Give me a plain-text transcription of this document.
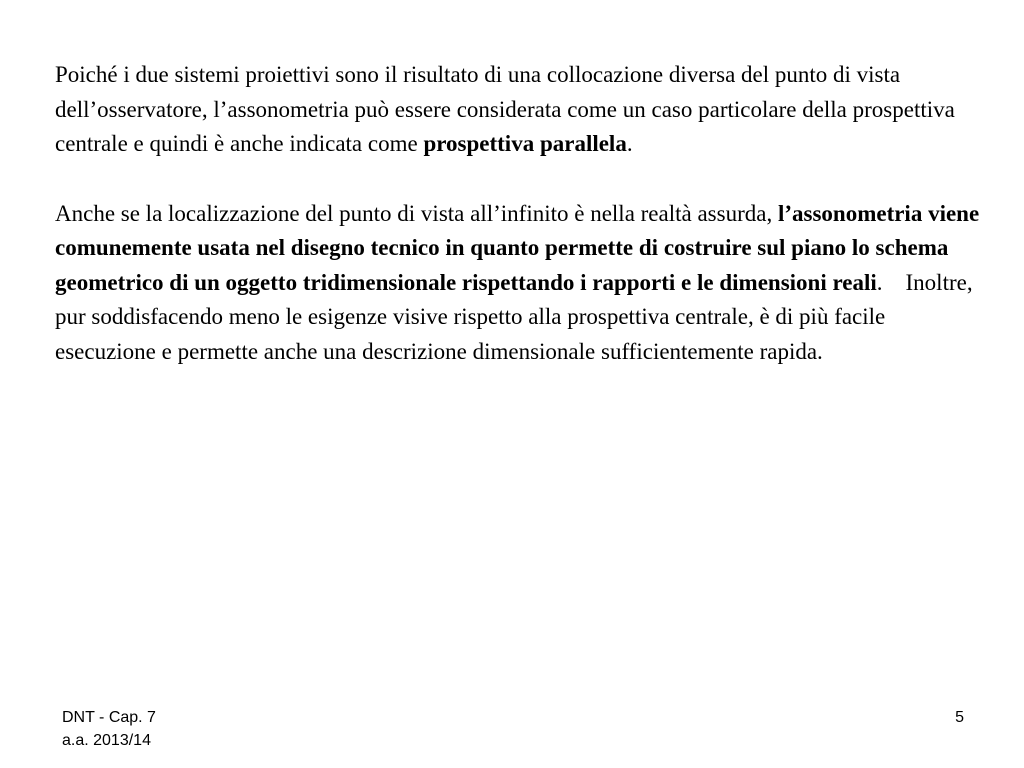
Poiché i due sistemi proiettivi sono il risultato di una collocazione diversa del punto di vista dell’osservatore, l’assonometria può essere considerata come un caso particolare della prospettiva centrale e quindi è anche indicata come prospettiva parallela.

Anche se la localizzazione del punto di vista all’infinito è nella realtà assurda, l’assonometria viene comunemente usata nel disegno tecnico in quanto permette di costruire sul piano lo schema geometrico di un oggetto tridimensionale rispettando i rapporti e le dimensioni reali. Inoltre, pur soddisfacendo meno le esigenze visive rispetto alla prospettiva centrale, è di più facile esecuzione e permette anche una descrizione dimensionale sufficientemente rapida.

DNT - Cap. 7
a.a. 2013/14
5
